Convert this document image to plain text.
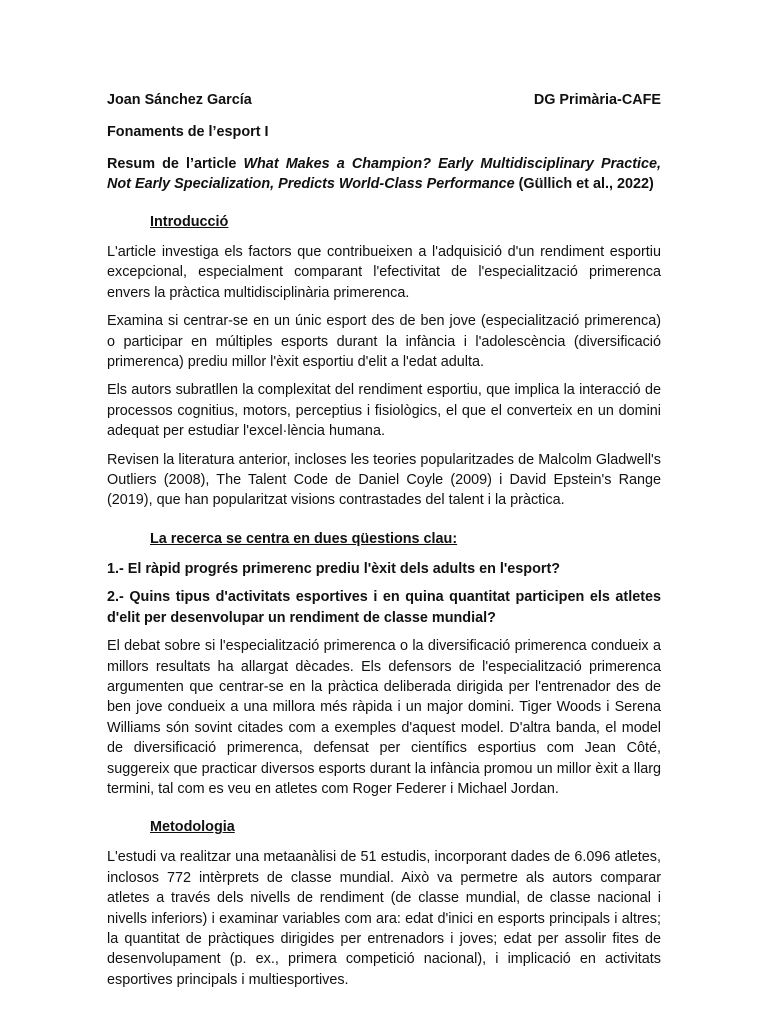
Joan Sánchez García	DG Primària-CAFE
Fonaments de l’esport I
Resum de l’article What Makes a Champion? Early Multidisciplinary Practice, Not Early Specialization, Predicts World-Class Performance (Güllich et al., 2022)
Introducció

L'article investiga els factors que contribueixen a l'adquisició d'un rendiment esportiu excepcional, especialment comparant l'efectivitat de l'especialització primerenca envers la pràctica multidisciplinària primerenca.

Examina si centrar-se en un únic esport des de ben jove (especialització primerenca) o participar en múltiples esports durant la infància i l'adolescència (diversificació primerenca) prediu millor l'èxit esportiu d'elit a l'edat adulta.

Els autors subratllen la complexitat del rendiment esportiu, que implica la interacció de processos cognitius, motors, perceptius i fisiològics, el que el converteix en un domini adequat per estudiar l'excel·lència humana.

Revisen la literatura anterior, incloses les teories popularitzades de Malcolm Gladwell's Outliers (2008), The Talent Code de Daniel Coyle (2009) i David Epstein's Range (2019), que han popularitzat visions contrastades del talent i la pràctica.

La recerca se centra en dues qüestions clau:

1.- El ràpid progrés primerenc prediu l'èxit dels adults en l'esport?

2.- Quins tipus d'activitats esportives i en quina quantitat participen els atletes d'elit per desenvolupar un rendiment de classe mundial?

El debat sobre si l'especialització primerenca o la diversificació primerenca condueix a millors resultats ha allargat dècades. Els defensors de l'especialització primerenca argumenten que centrar-se en la pràctica deliberada dirigida per l'entrenador des de ben jove condueix a una millora més ràpida i un major domini. Tiger Woods i Serena Williams són sovint citades com a exemples d'aquest model. D'altra banda, el model de diversificació primerenca, defensat per científics esportius com Jean Côté, suggereix que practicar diversos esports durant la infància promou un millor èxit a llarg termini, tal com es veu en atletes com Roger Federer i Michael Jordan.

Metodologia

L'estudi va realitzar una metaanàlisi de 51 estudis, incorporant dades de 6.096 atletes, inclosos 772 intèrprets de classe mundial. Això va permetre als autors comparar atletes a través dels nivells de rendiment (de classe mundial, de classe nacional i nivells inferiors) i examinar variables com ara: edat d'inici en esports principals i altres; la quantitat de pràctiques dirigides per entrenadors i joves; edat per assolir fites de desenvolupament (p. ex., primera competició nacional), i implicació en activitats esportives principals i multiesportives.
